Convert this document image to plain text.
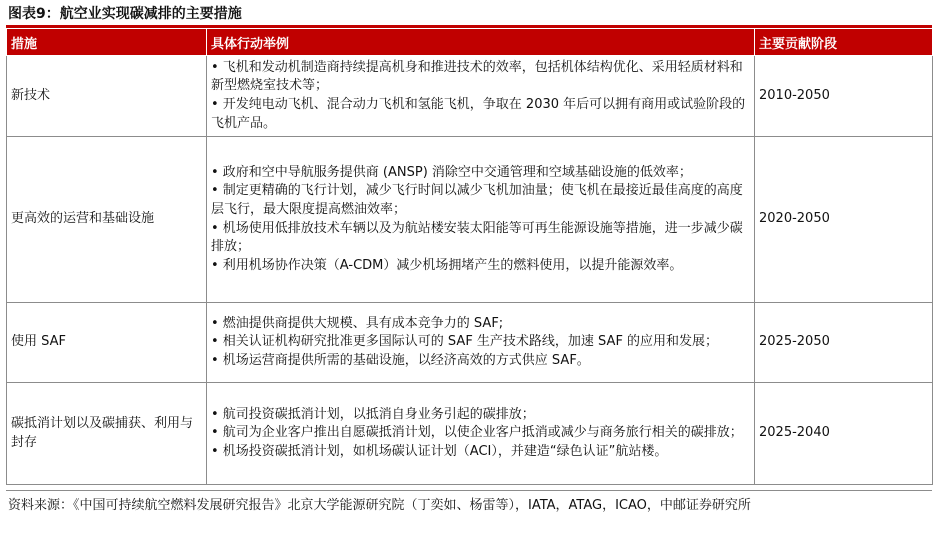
图表9：航空业实现碳减排的主要措施
措施	具体行动举例	主要贡献阶段
新技术	• 飞机和发动机制造商持续提高机身和推进技术的效率，包括机体结构优化、采用轻质材料和新型燃烧室技术等；

• 开发纯电动飞机、混合动力飞机和氢能飞机，争取在 2030 年后可以拥有商用或试验阶段的 飞机产品。	2010-2050
更高效的运营和基础设施	• 政府和空中导航服务提供商 (ANSP) 消除空中交通管理和空域基础设施的低效率；

• 制定更精确的飞行计划，减少飞行时间以减少飞机加油量；使飞机在最接近最佳高度的高度层飞行，最大限度提高燃油效率；

• 机场使用低排放技术车辆以及为航站楼安装太阳能等可再生能源设施等措施，进一步减少碳排放；

• 利用机场协作决策（A-CDM）减少机场拥堵产生的燃料使用，以提升能源效率。	2020-2050
使用 SAF	• 燃油提供商提供大规模、具有成本竞争力的 SAF;

• 相关认证机构研究批准更多国际认可的 SAF 生产技术路线，加速 SAF 的应用和发展；

• 机场运营商提供所需的基础设施，以经济高效的方式供应 SAF。	2025-2050
碳抵消计划以及碳捕获、利用与封存	• 航司投资碳抵消计划，以抵消自身业务引起的碳排放；

• 航司为企业客户推出自愿碳抵消计划，以使企业客户抵消或减少与商务旅行相关的碳排放；

• 机场投资碳抵消计划，如机场碳认证计划（ACI），并建造“绿色认证”航站楼。	2025-2040
资料来源：《中国可持续航空燃料发展研究报告》北京大学能源研究院（丁奕如、杨雷等），IATA，ATAG，ICAO，中邮证券研究所
